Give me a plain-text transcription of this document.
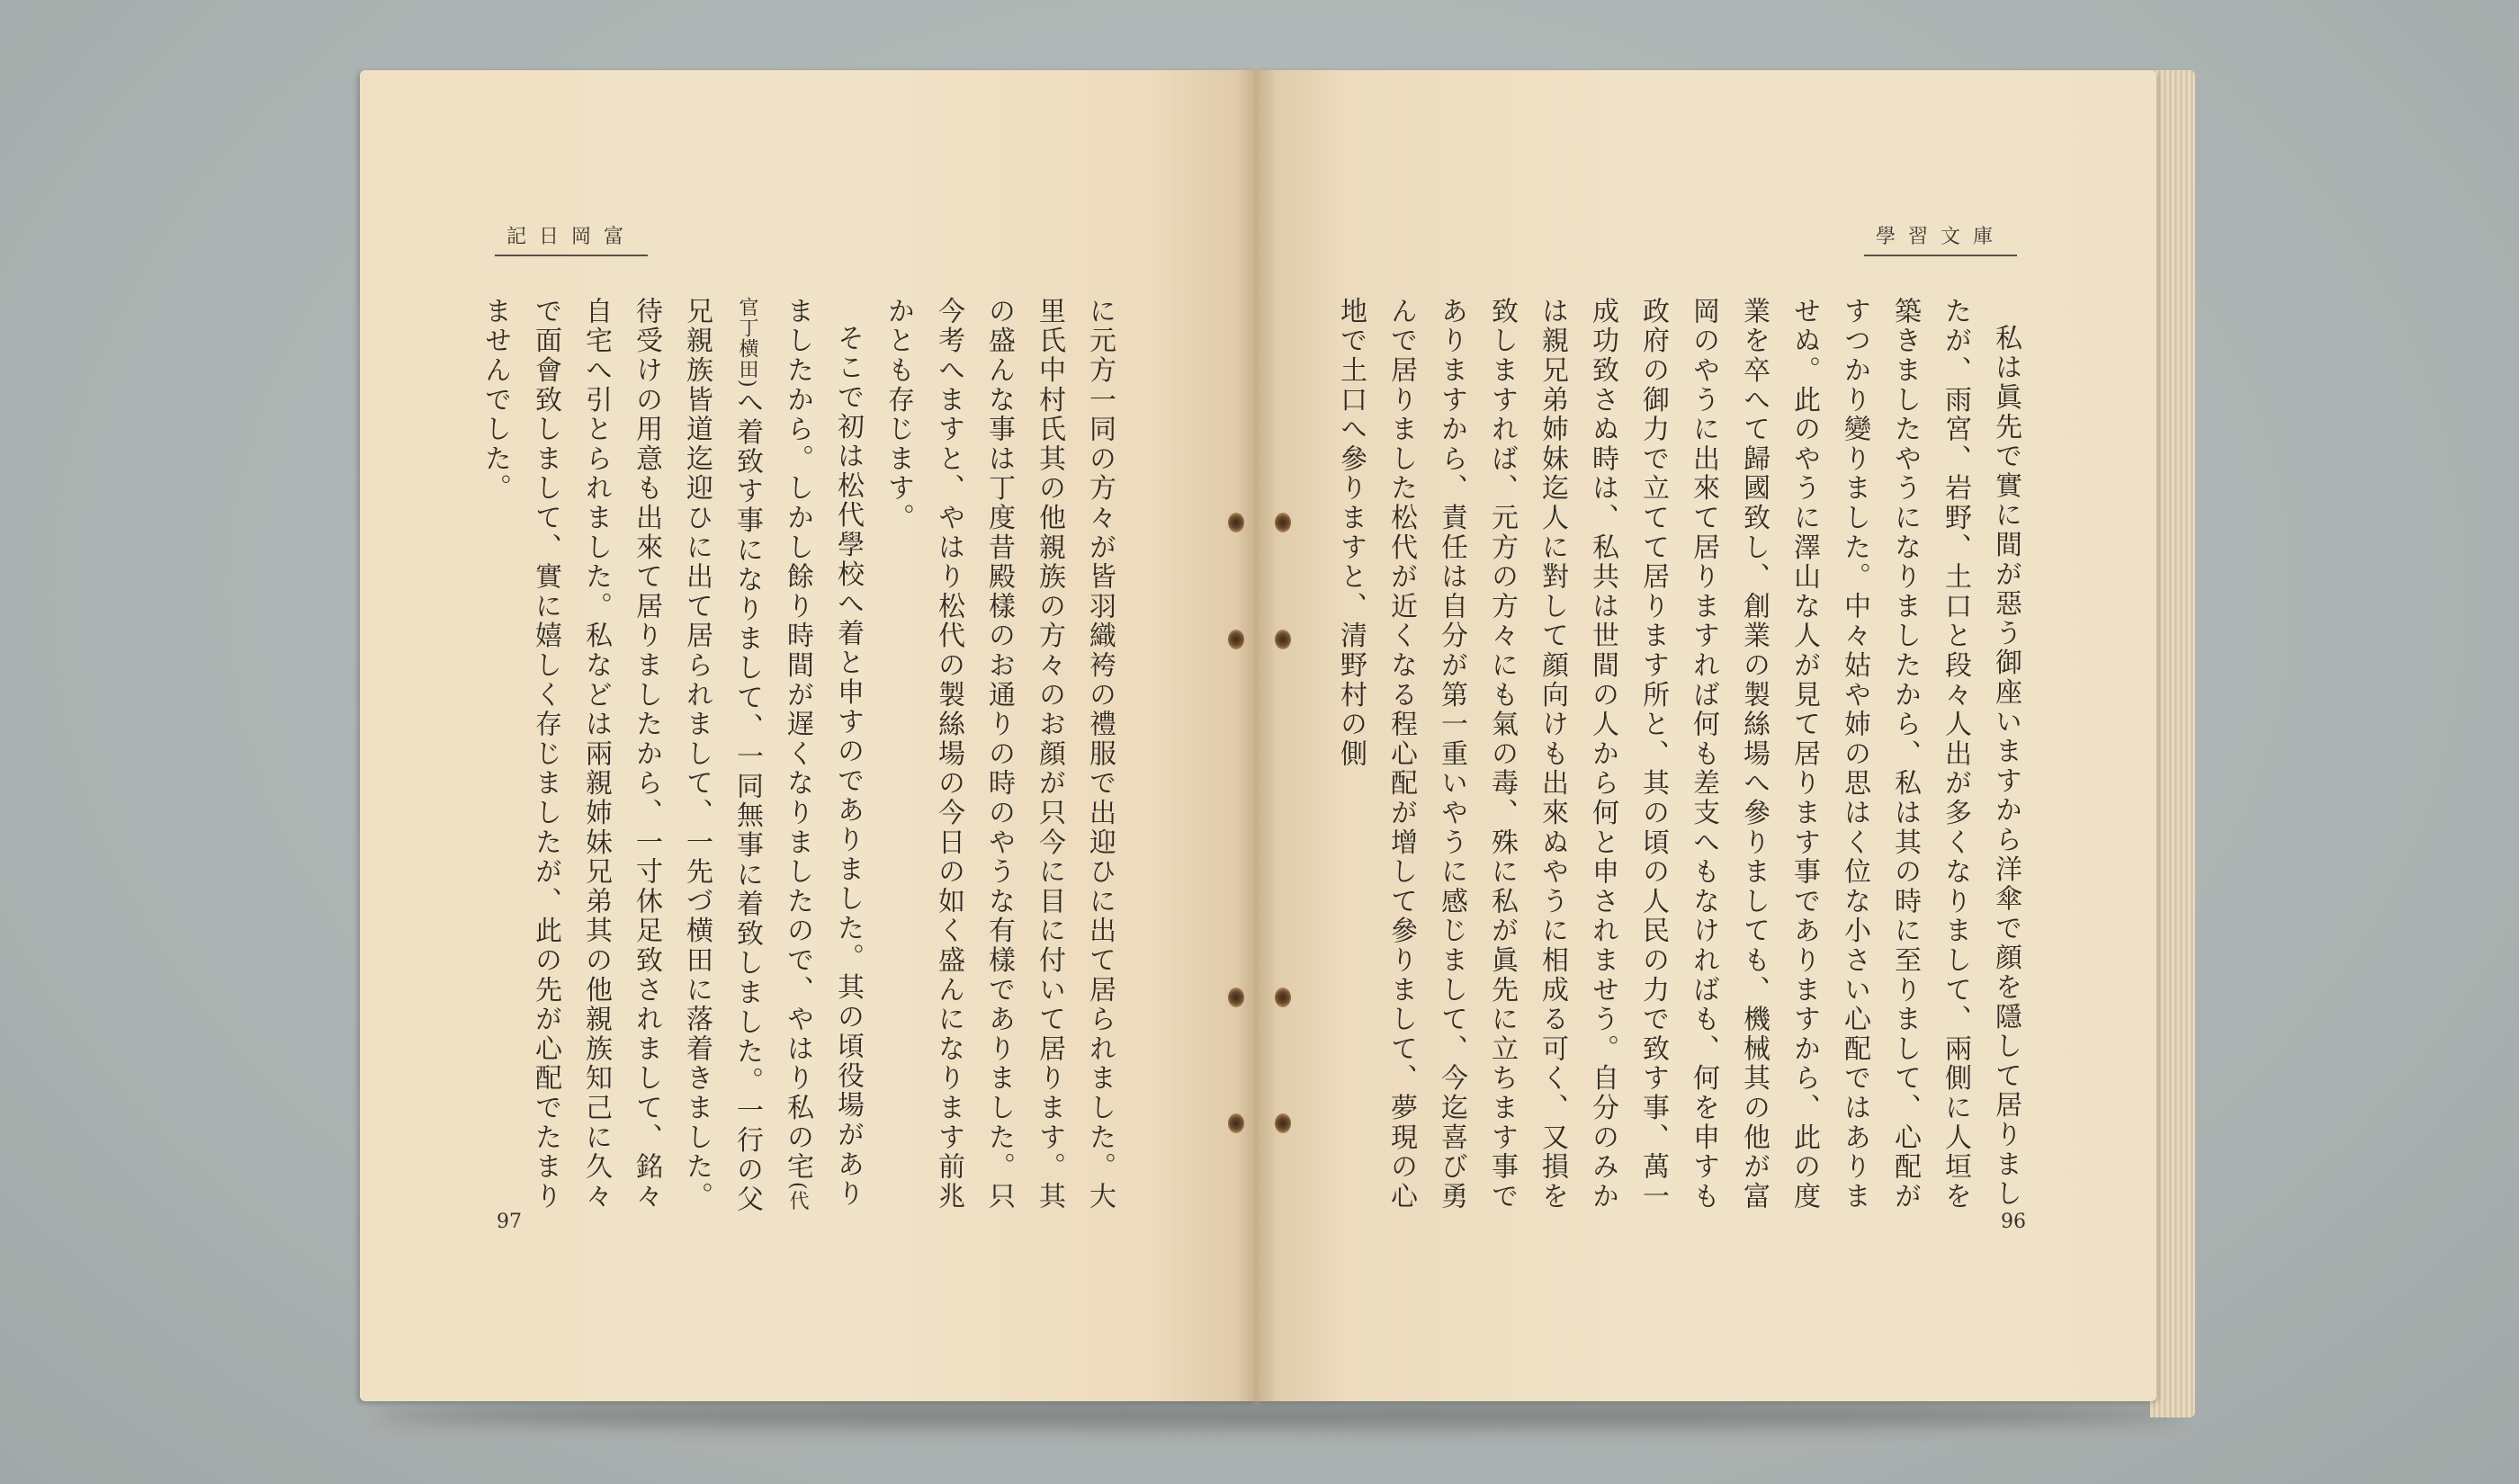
記日岡富

に元方一同の方々が皆羽織袴の禮服で出迎ひに出て居られました。大里氏中村氏其の他親族の方々のお顔が只今に目に付いて居ります。其の盛んな事は丁度昔殿樣のお通りの時のやうな有樣でありました。只今考へますと、やはり松代の製絲場の今日の如く盛んになります前兆かとも存じます。

そこで初は松代學校へ着と申すのでありました。其の頃役場がありましたから。しかし餘り時間が遅くなりましたので、やはり私の宅(代官丁横田)へ着致す事になりまして、一同無事に着致しました。一行の父兄親族皆道迄迎ひに出て居られまして、一先づ横田に落着きました。待受けの用意も出來て居りましたから、一寸休足致されまして、銘々自宅へ引とられました。私などは兩親姉妹兄弟其の他親族知己に久々で面會致しまして、實に嬉しく存じましたが、此の先が心配でたまりませんでした。

97
學習文庫

私は眞先で實に間が惡う御座いますから洋傘で顔を隱して居りましたが、雨宮、岩野、土口と段々人出が多くなりまして、兩側に人垣を築きましたやうになりましたから、私は其の時に至りまして、心配がすつかり變りました。中々姑や姉の思はく位な小さい心配ではありませぬ。此のやうに澤山な人が見て居ります事でありますから、此の度業を卒へて歸國致し、創業の製絲場へ參りましても、機械其の他が富岡のやうに出來て居りますれば何も差支へもなければも、何を申すも政府の御力で立てて居ります所と、其の頃の人民の力で致す事、萬一成功致さぬ時は、私共は世間の人から何と申されませう。自分のみかは親兄弟姉妹迄人に對して顔向けも出來ぬやうに相成る可く、又損を致しますれば、元方の方々にも氣の毒、殊に私が眞先に立ちます事でありますから、責任は自分が第一重いやうに感じまして、今迄喜び勇んで居りました松代が近くなる程心配が增して參りまして、夢現の心地で土口へ參りますと、清野村の側

96
